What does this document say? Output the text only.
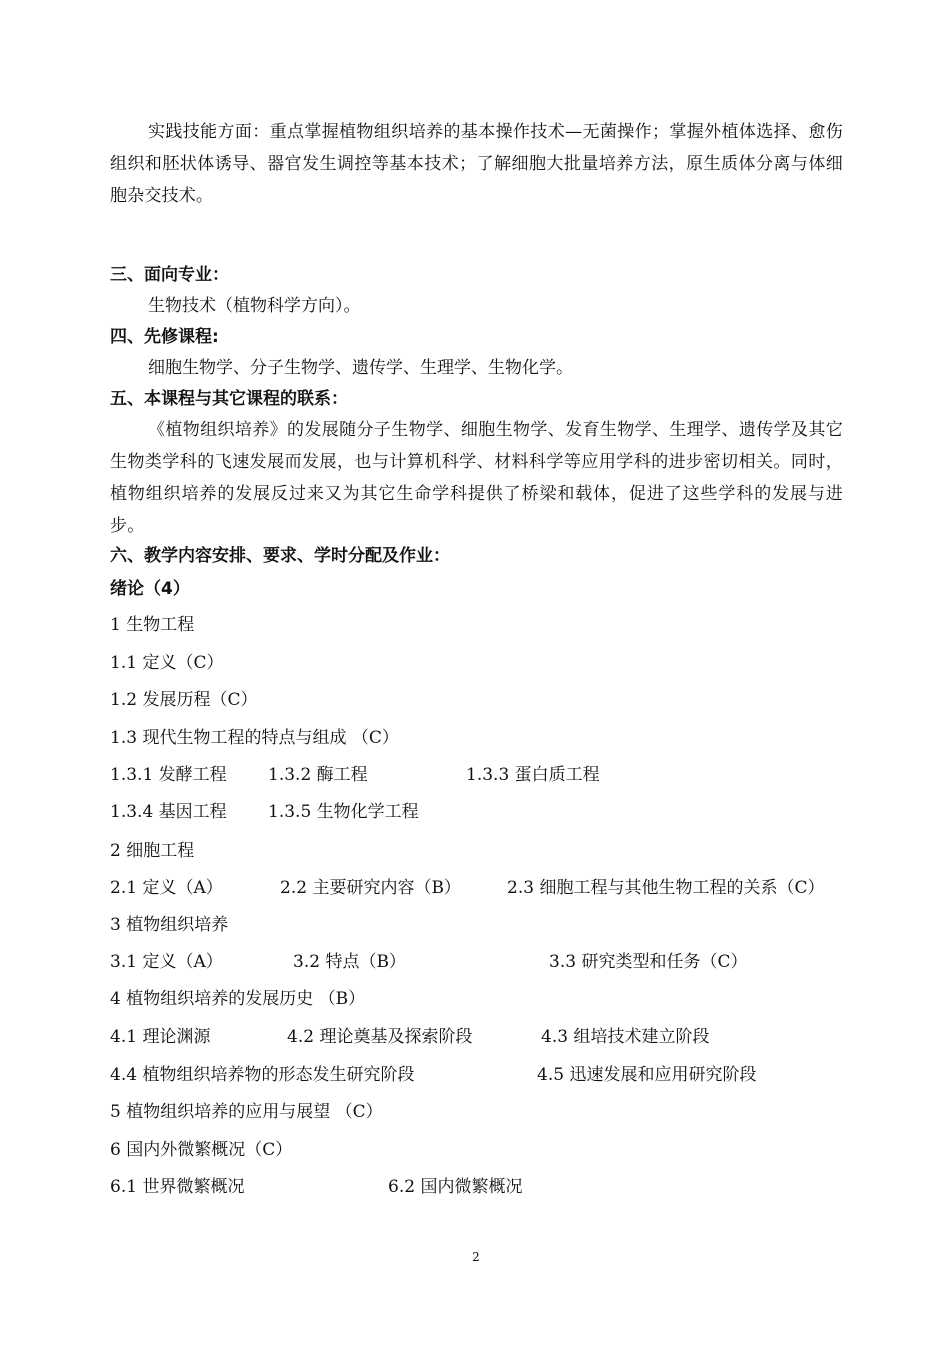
实践技能方面：重点掌握植物组织培养的基本操作技术—无菌操作；掌握外植体选择、愈伤组织和胚状体诱导、器官发生调控等基本技术；了解细胞大批量培养方法，原生质体分离与体细胞杂交技术。
三、面向专业：
生物技术（植物科学方向）。
四、先修课程:
细胞生物学、分子生物学、遗传学、生理学、生物化学。
五、本课程与其它课程的联系：
《植物组织培养》的发展随分子生物学、细胞生物学、发育生物学、生理学、遗传学及其它生物类学科的飞速发展而发展，也与计算机科学、材料科学等应用学科的进步密切相关。同时，植物组织培养的发展反过来又为其它生命学科提供了桥梁和载体，促进了这些学科的发展与进步。
六、教学内容安排、要求、学时分配及作业：
绪论（4）
1 生物工程
1.1 定义（C）
1.2 发展历程（C）
1.3 现代生物工程的特点与组成 （C）
1.3.1 发酵工程 1.3.2 酶工程	1.3.3 蛋白质工程
1.3.4 基因工程 1.3.5 生物化学工程
2 细胞工程
2.1 定义（A）	2.2 主要研究内容（B）	2.3 细胞工程与其他生物工程的关系（C）
3 植物组织培养
3.1 定义（A）	3.2 特点（B）	3.3 研究类型和任务（C）
4 植物组织培养的发展历史 （B）
4.1 理论渊源	4.2 理论奠基及探索阶段	4.3 组培技术建立阶段
4.4 植物组织培养物的形态发生研究阶段	4.5 迅速发展和应用研究阶段
5 植物组织培养的应用与展望 （C）
6 国内外微繁概况（C）
6.1 世界微繁概况	6.2 国内微繁概况
2
